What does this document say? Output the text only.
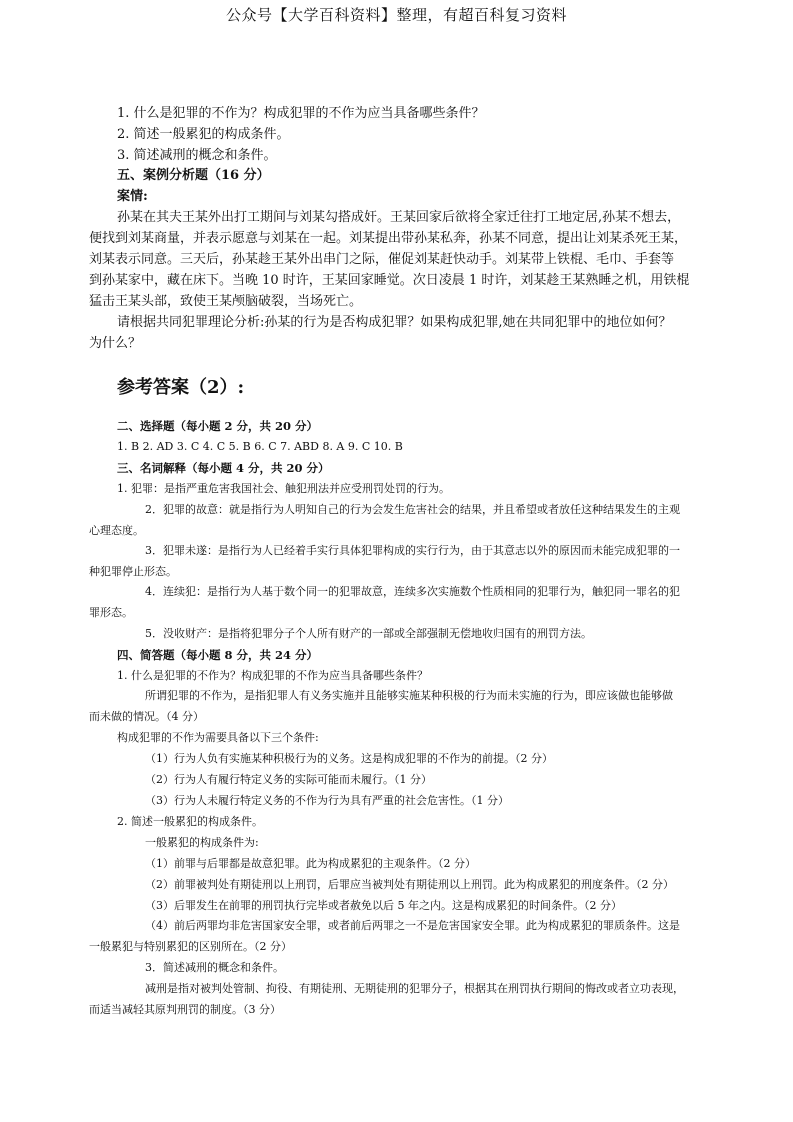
公众号【大学百科资料】整理，有超百科复习资料
1. 什么是犯罪的不作为？构成犯罪的不作为应当具备哪些条件？
2. 简述一般累犯的构成条件。
3. 简述减刑的概念和条件。
五、案例分析题（16 分）
案情:
孙某在其夫王某外出打工期间与刘某勾搭成奸。王某回家后欲将全家迁往打工地定居,孙某不想去，
便找到刘某商量，并表示愿意与刘某在一起。刘某提出带孙某私奔，孙某不同意，提出让刘某杀死王某，
刘某表示同意。三天后，孙某趁王某外出串门之际，催促刘某赶快动手。刘某带上铁棍、毛巾、手套等
到孙某家中，藏在床下。当晚 10 时许，王某回家睡觉。次日凌晨 1 时许，刘某趁王某熟睡之机，用铁棍
猛击王某头部，致使王某颅脑破裂，当场死亡。
请根据共同犯罪理论分析:孙某的行为是否构成犯罪？如果构成犯罪,她在共同犯罪中的地位如何？
为什么？
参考答案（2）:
二、选择题（每小题 2 分，共 20 分）
1. B 2. AD 3. C 4. C 5. B 6. C 7. ABD 8. A 9. C 10. B
三、名词解释（每小题 4 分，共 20 分）
1. 犯罪：是指严重危害我国社会、触犯刑法并应受刑罚处罚的行为。
2．犯罪的故意：就是指行为人明知自己的行为会发生危害社会的结果，并且希望或者放任这种结果发生的主观
心理态度。
3．犯罪未遂：是指行为人已经着手实行具体犯罪构成的实行行为，由于其意志以外的原因而未能完成犯罪的一
种犯罪停止形态。
4．连续犯：是指行为人基于数个同一的犯罪故意，连续多次实施数个性质相同的犯罪行为，触犯同一罪名的犯
罪形态。
5．没收财产：是指将犯罪分子个人所有财产的一部或全部强制无偿地收归国有的刑罚方法。
四、简答题（每小题 8 分，共 24 分）
1. 什么是犯罪的不作为？构成犯罪的不作为应当具备哪些条件？
所谓犯罪的不作为，是指犯罪人有义务实施并且能够实施某种积极的行为而未实施的行为，即应该做也能够做
而未做的情况。（4 分）
构成犯罪的不作为需要具备以下三个条件:
（1）行为人负有实施某种积极行为的义务。这是构成犯罪的不作为的前提。（2 分）
（2）行为人有履行特定义务的实际可能而未履行。（1 分）
（3）行为人未履行特定义务的不作为行为具有严重的社会危害性。（1 分）
2. 简述一般累犯的构成条件。
一般累犯的构成条件为:
（1）前罪与后罪都是故意犯罪。此为构成累犯的主观条件。（2 分）
（2）前罪被判处有期徒刑以上刑罚，后罪应当被判处有期徒刑以上刑罚。此为构成累犯的刑度条件。（2 分）
（3）后罪发生在前罪的刑罚执行完毕或者赦免以后 5 年之内。这是构成累犯的时间条件。（2 分）
（4）前后两罪均非危害国家安全罪，或者前后两罪之一不是危害国家安全罪。此为构成累犯的罪质条件。这是
一般累犯与特别累犯的区别所在。（2 分）
3．简述减刑的概念和条件。
减刑是指对被判处管制、拘役、有期徒刑、无期徒刑的犯罪分子，根据其在刑罚执行期间的悔改或者立功表现，
而适当减轻其原判刑罚的制度。（3 分）
